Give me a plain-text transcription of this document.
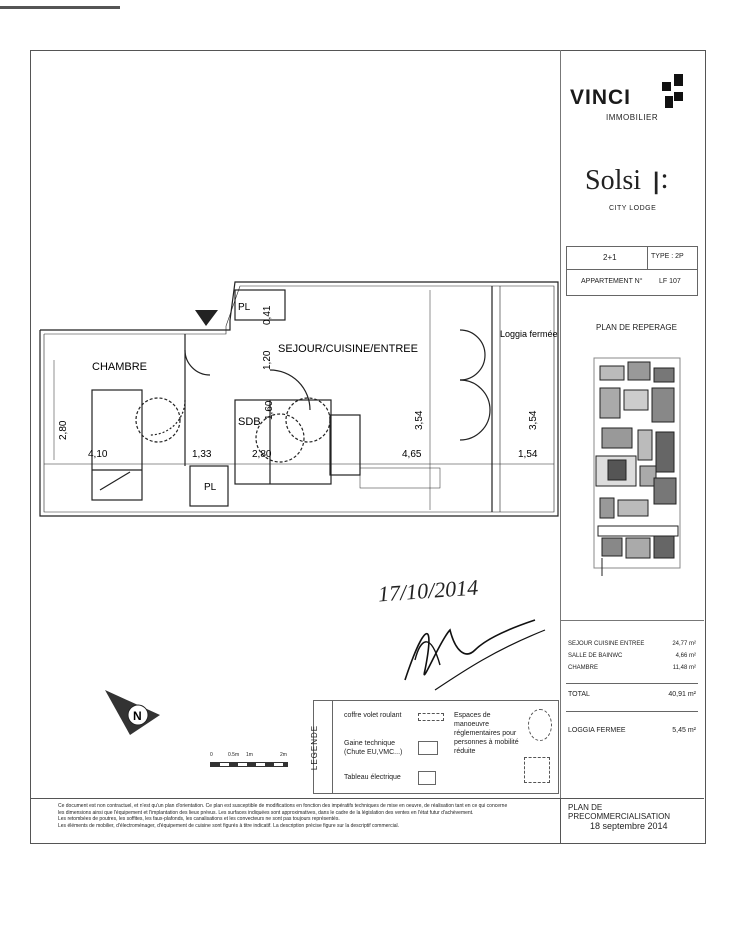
VINCI
IMMOBILIER
Solsi ꞁ:
CITY LODGE
2+1	TYPE : 2P
APPARTEMENT N° LF 107
PLAN DE REPERAGE
SEJOUR CUISINE ENTREE	24,77 m²
SALLE DE BAINWC	4,66 m²
CHAMBRE	11,48 m²
TOTAL	40,91 m²
LOGGIA FERMEE	5,45 m²
CHAMBRE
SEJOUR/CUISINE/ENTREE
Loggia fermée
SDB
PL
PL
4,10	1,33	2,80	4,65	1,54
2,80
3,54	3,54
1,20
1,60
0,41
17/10/2014
N
0	0.5m 1m	2m	LEGENDE
coffre volet roulant
Gaine technique (Chute EU,VMC...)
Tableau électrique
Espaces de manoeuvre réglementaires pour personnes à mobilité réduite
Ce document est non contractuel, et n'est qu'un plan d'orientation. Ce plan est susceptible de modifications en fonction des impératifs techniques de mise en oeuvre, de réalisation tant en ce qui concerne
les dimensions ainsi que l'équipement et l'implantation des lieux prévus. Les surfaces indiquées sont approximatives, dans le cadre de la législation des ventes en l'état futur d'achèvement.
Les retombées de poutres, les soffites, les faux-plafonds, les canalisations et les convecteurs ne sont pas toujours représentés.
Les éléments de mobilier, d'électroménager, d'équipement de cuisine sont figurés à titre indicatif. La description précise figure sur la descriptif commercial.
PLAN DE PRECOMMERCIALISATION
18 septembre 2014
